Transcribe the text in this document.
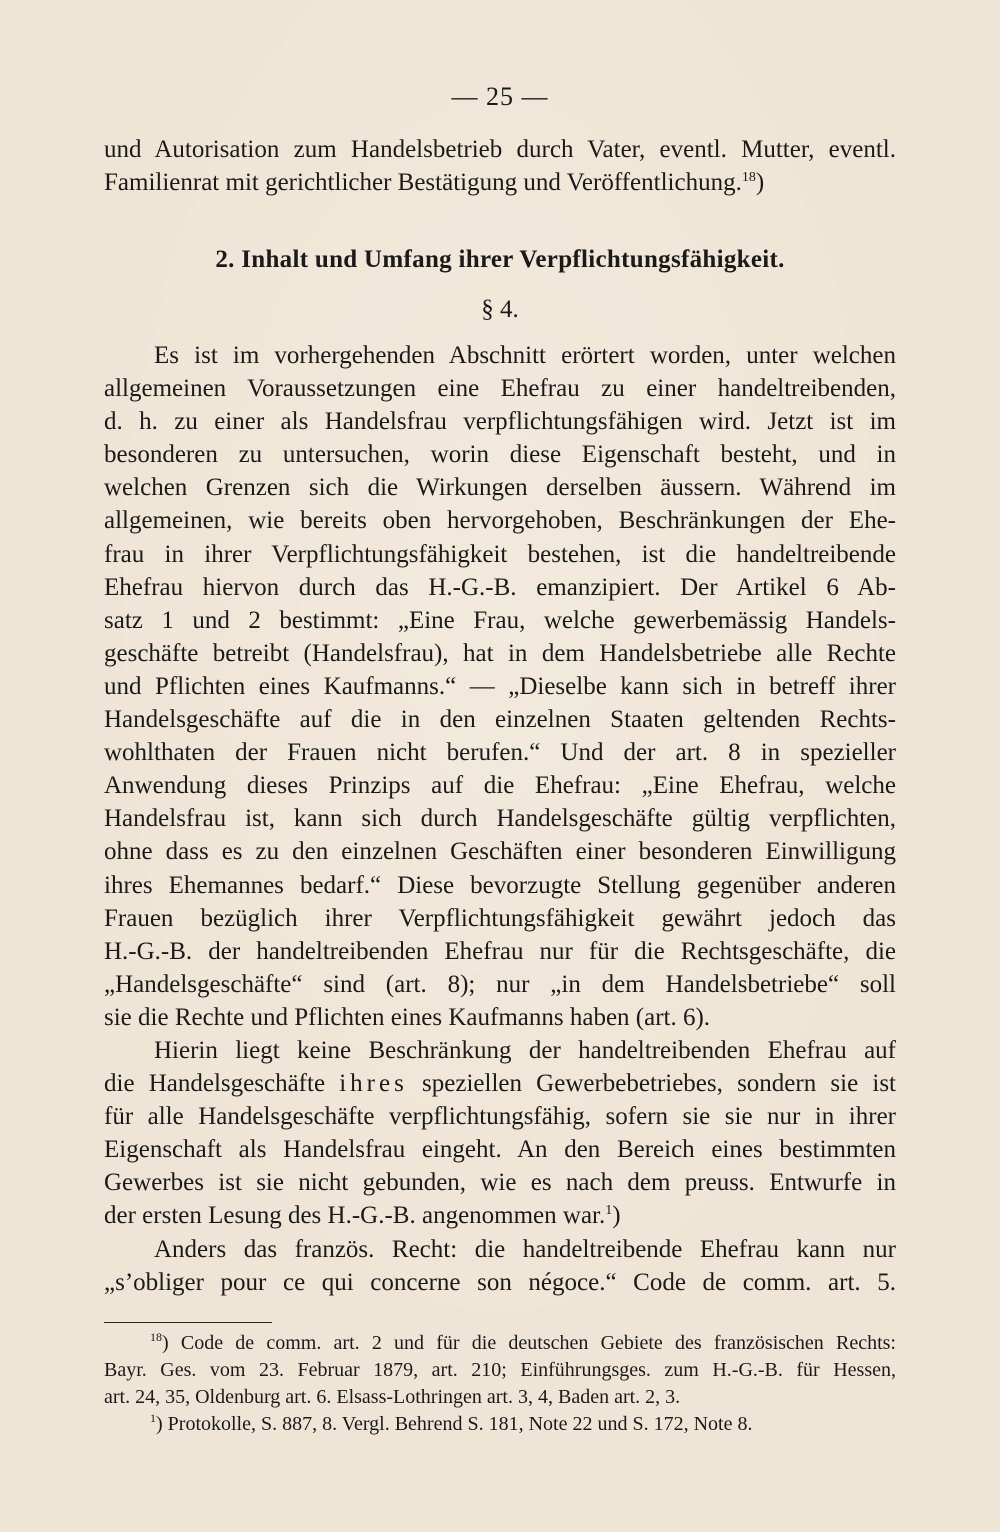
— 25 —
und Autorisation zum Handelsbetrieb durch Vater, eventl. Mutter, eventl.
Familienrat mit gerichtlicher Bestätigung und Veröffentlichung.$^{18}$)
2. Inhalt und Umfang ihrer Verpflichtungsfähigkeit.
§ 4.
Es ist im vorhergehenden Abschnitt erörtert worden, unter welchen
allgemeinen Voraussetzungen eine Ehefrau zu einer handeltreibenden,
d. h. zu einer als Handelsfrau verpflichtungsfähigen wird. Jetzt ist im
besonderen zu untersuchen, worin diese Eigenschaft besteht, und in
welchen Grenzen sich die Wirkungen derselben äussern. Während im
allgemeinen, wie bereits oben hervorgehoben, Beschränkungen der Ehe-
frau in ihrer Verpflichtungsfähigkeit bestehen, ist die handeltreibende
Ehefrau hiervon durch das H.-G.-B. emanzipiert. Der Artikel 6 Ab-
satz 1 und 2 bestimmt: „Eine Frau, welche gewerbemässig Handels-
geschäfte betreibt (Handelsfrau), hat in dem Handelsbetriebe alle Rechte
und Pflichten eines Kaufmanns.“ — „Dieselbe kann sich in betreff ihrer
Handelsgeschäfte auf die in den einzelnen Staaten geltenden Rechts-
wohlthaten der Frauen nicht berufen.“ Und der art. 8 in spezieller
Anwendung dieses Prinzips auf die Ehefrau: „Eine Ehefrau, welche
Handelsfrau ist, kann sich durch Handelsgeschäfte gültig verpflichten,
ohne dass es zu den einzelnen Geschäften einer besonderen Einwilligung
ihres Ehemannes bedarf.“ Diese bevorzugte Stellung gegenüber anderen
Frauen bezüglich ihrer Verpflichtungsfähigkeit gewährt jedoch das
H.-G.-B. der handeltreibenden Ehefrau nur für die Rechtsgeschäfte, die
„Handelsgeschäfte“ sind (art. 8); nur „in dem Handelsbetriebe“ soll
sie die Rechte und Pflichten eines Kaufmanns haben (art. 6).
Hierin liegt keine Beschränkung der handeltreibenden Ehefrau auf
die Handelsgeschäfte ihres speziellen Gewerbebetriebes, sondern sie ist
für alle Handelsgeschäfte verpflichtungsfähig, sofern sie sie nur in ihrer
Eigenschaft als Handelsfrau eingeht. An den Bereich eines bestimmten
Gewerbes ist sie nicht gebunden, wie es nach dem preuss. Entwurfe in
der ersten Lesung des H.-G.-B. angenommen war.$^1$)
Anders das französ. Recht: die handeltreibende Ehefrau kann nur
„s’obliger pour ce qui concerne son négoce.“ Code de comm. art. 5.
$^{18}$) Code de comm. art. 2 und für die deutschen Gebiete des französischen Rechts:
Bayr. Ges. vom 23. Februar 1879, art. 210; Einführungsges. zum H.-G.-B. für Hessen,
art. 24, 35, Oldenburg art. 6. Elsass-Lothringen art. 3, 4, Baden art. 2, 3.
$^1$) Protokolle, S. 887, 8. Vergl. Behrend S. 181, Note 22 und S. 172, Note 8.
